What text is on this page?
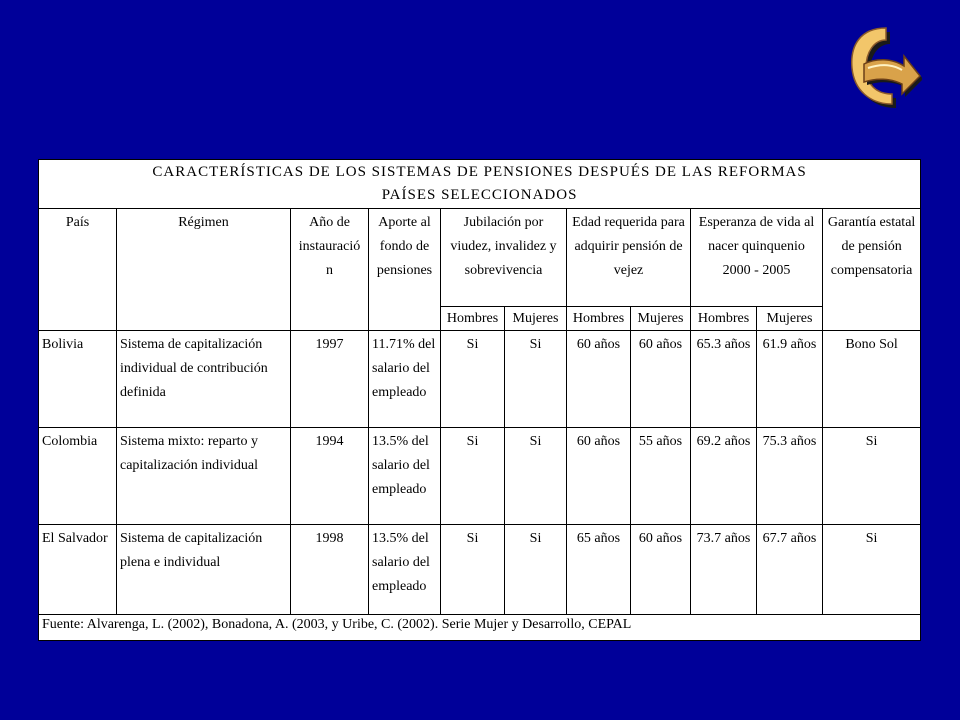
CARACTERÍSTICAS DE LOS SISTEMAS DE PENSIONES DESPUÉS DE LAS REFORMAS
PAÍSES SELECCIONADOS										

País	Régimen	Año de instauració n	Aporte al fondo de pensiones	Jubilación por viudez, invalidez y sobrevivencia		Edad requerida para adquirir pensión de vejez		Esperanza de vida al nacer quinquenio 2000 - 2005		Garantía estatal de pensión compensatoria
				Hombres	Mujeres	Hombres	Mujeres	Hombres	Mujeres	
Bolivia	Sistema de capitalización individual de contribución definida	1997	11.71% del salario del empleado	Si	Si	60 años	60 años	65.3 años	61.9 años	Bono Sol
Colombia	Sistema mixto: reparto y capitalización individual	1994	13.5% del salario del empleado	Si	Si	60 años	55 años	69.2 años	75.3 años	Si
El Salvador	Sistema de capitalización plena e individual	1998	13.5% del salario del empleado	Si	Si	65 años	60 años	73.7 años	67.7 años	Si
Fuente: Alvarenga, L. (2002), Bonadona, A. (2003, y Uribe, C. (2002). Serie Mujer y Desarrollo, CEPAL										
